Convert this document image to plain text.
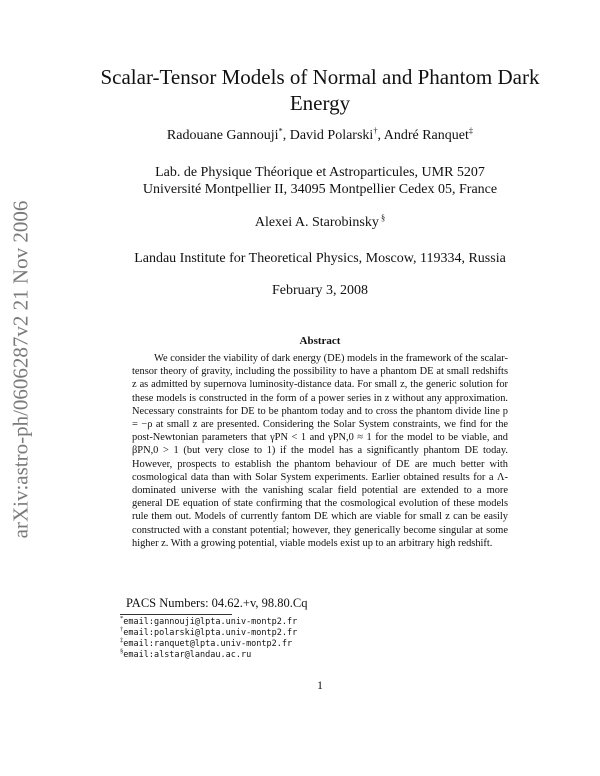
arXiv:astro-ph/0606287v2 21 Nov 2006
Scalar-Tensor Models of Normal and Phantom Dark Energy
Radouane Gannouji*, David Polarski†, André Ranquet‡
Lab. de Physique Théorique et Astroparticules, UMR 5207
Université Montpellier II, 34095 Montpellier Cedex 05, France
Alexei A. Starobinsky §
Landau Institute for Theoretical Physics, Moscow, 119334, Russia
February 3, 2008
Abstract

We consider the viability of dark energy (DE) models in the framework of the scalar-tensor theory of gravity, including the possibility to have a phantom DE at small redshifts z as admitted by supernova luminosity-distance data. For small z, the generic solution for these models is constructed in the form of a power series in z without any approximation. Necessary constraints for DE to be phantom today and to cross the phantom divide line p = −ρ at small z are presented. Considering the Solar System constraints, we find for the post-Newtonian parameters that γPN < 1 and γPN,0 ≈ 1 for the model to be viable, and βPN,0 > 1 (but very close to 1) if the model has a significantly phantom DE today. However, prospects to establish the phantom behaviour of DE are much better with cosmological data than with Solar System experiments. Earlier obtained results for a Λ-dominated universe with the vanishing scalar field potential are extended to a more general DE equation of state confirming that the cosmological evolution of these models rule them out. Models of currently fantom DE which are viable for small z can be easily constructed with a constant potential; however, they generically become singular at some higher z. With a growing potential, viable models exist up to an arbitrary high redshift.

PACS Numbers: 04.62.+v, 98.80.Cq
*email:gannouji@lpta.univ-montp2.fr
†email:polarski@lpta.univ-montp2.fr
‡email:ranquet@lpta.univ-montp2.fr
§email:alstar@landau.ac.ru
1
